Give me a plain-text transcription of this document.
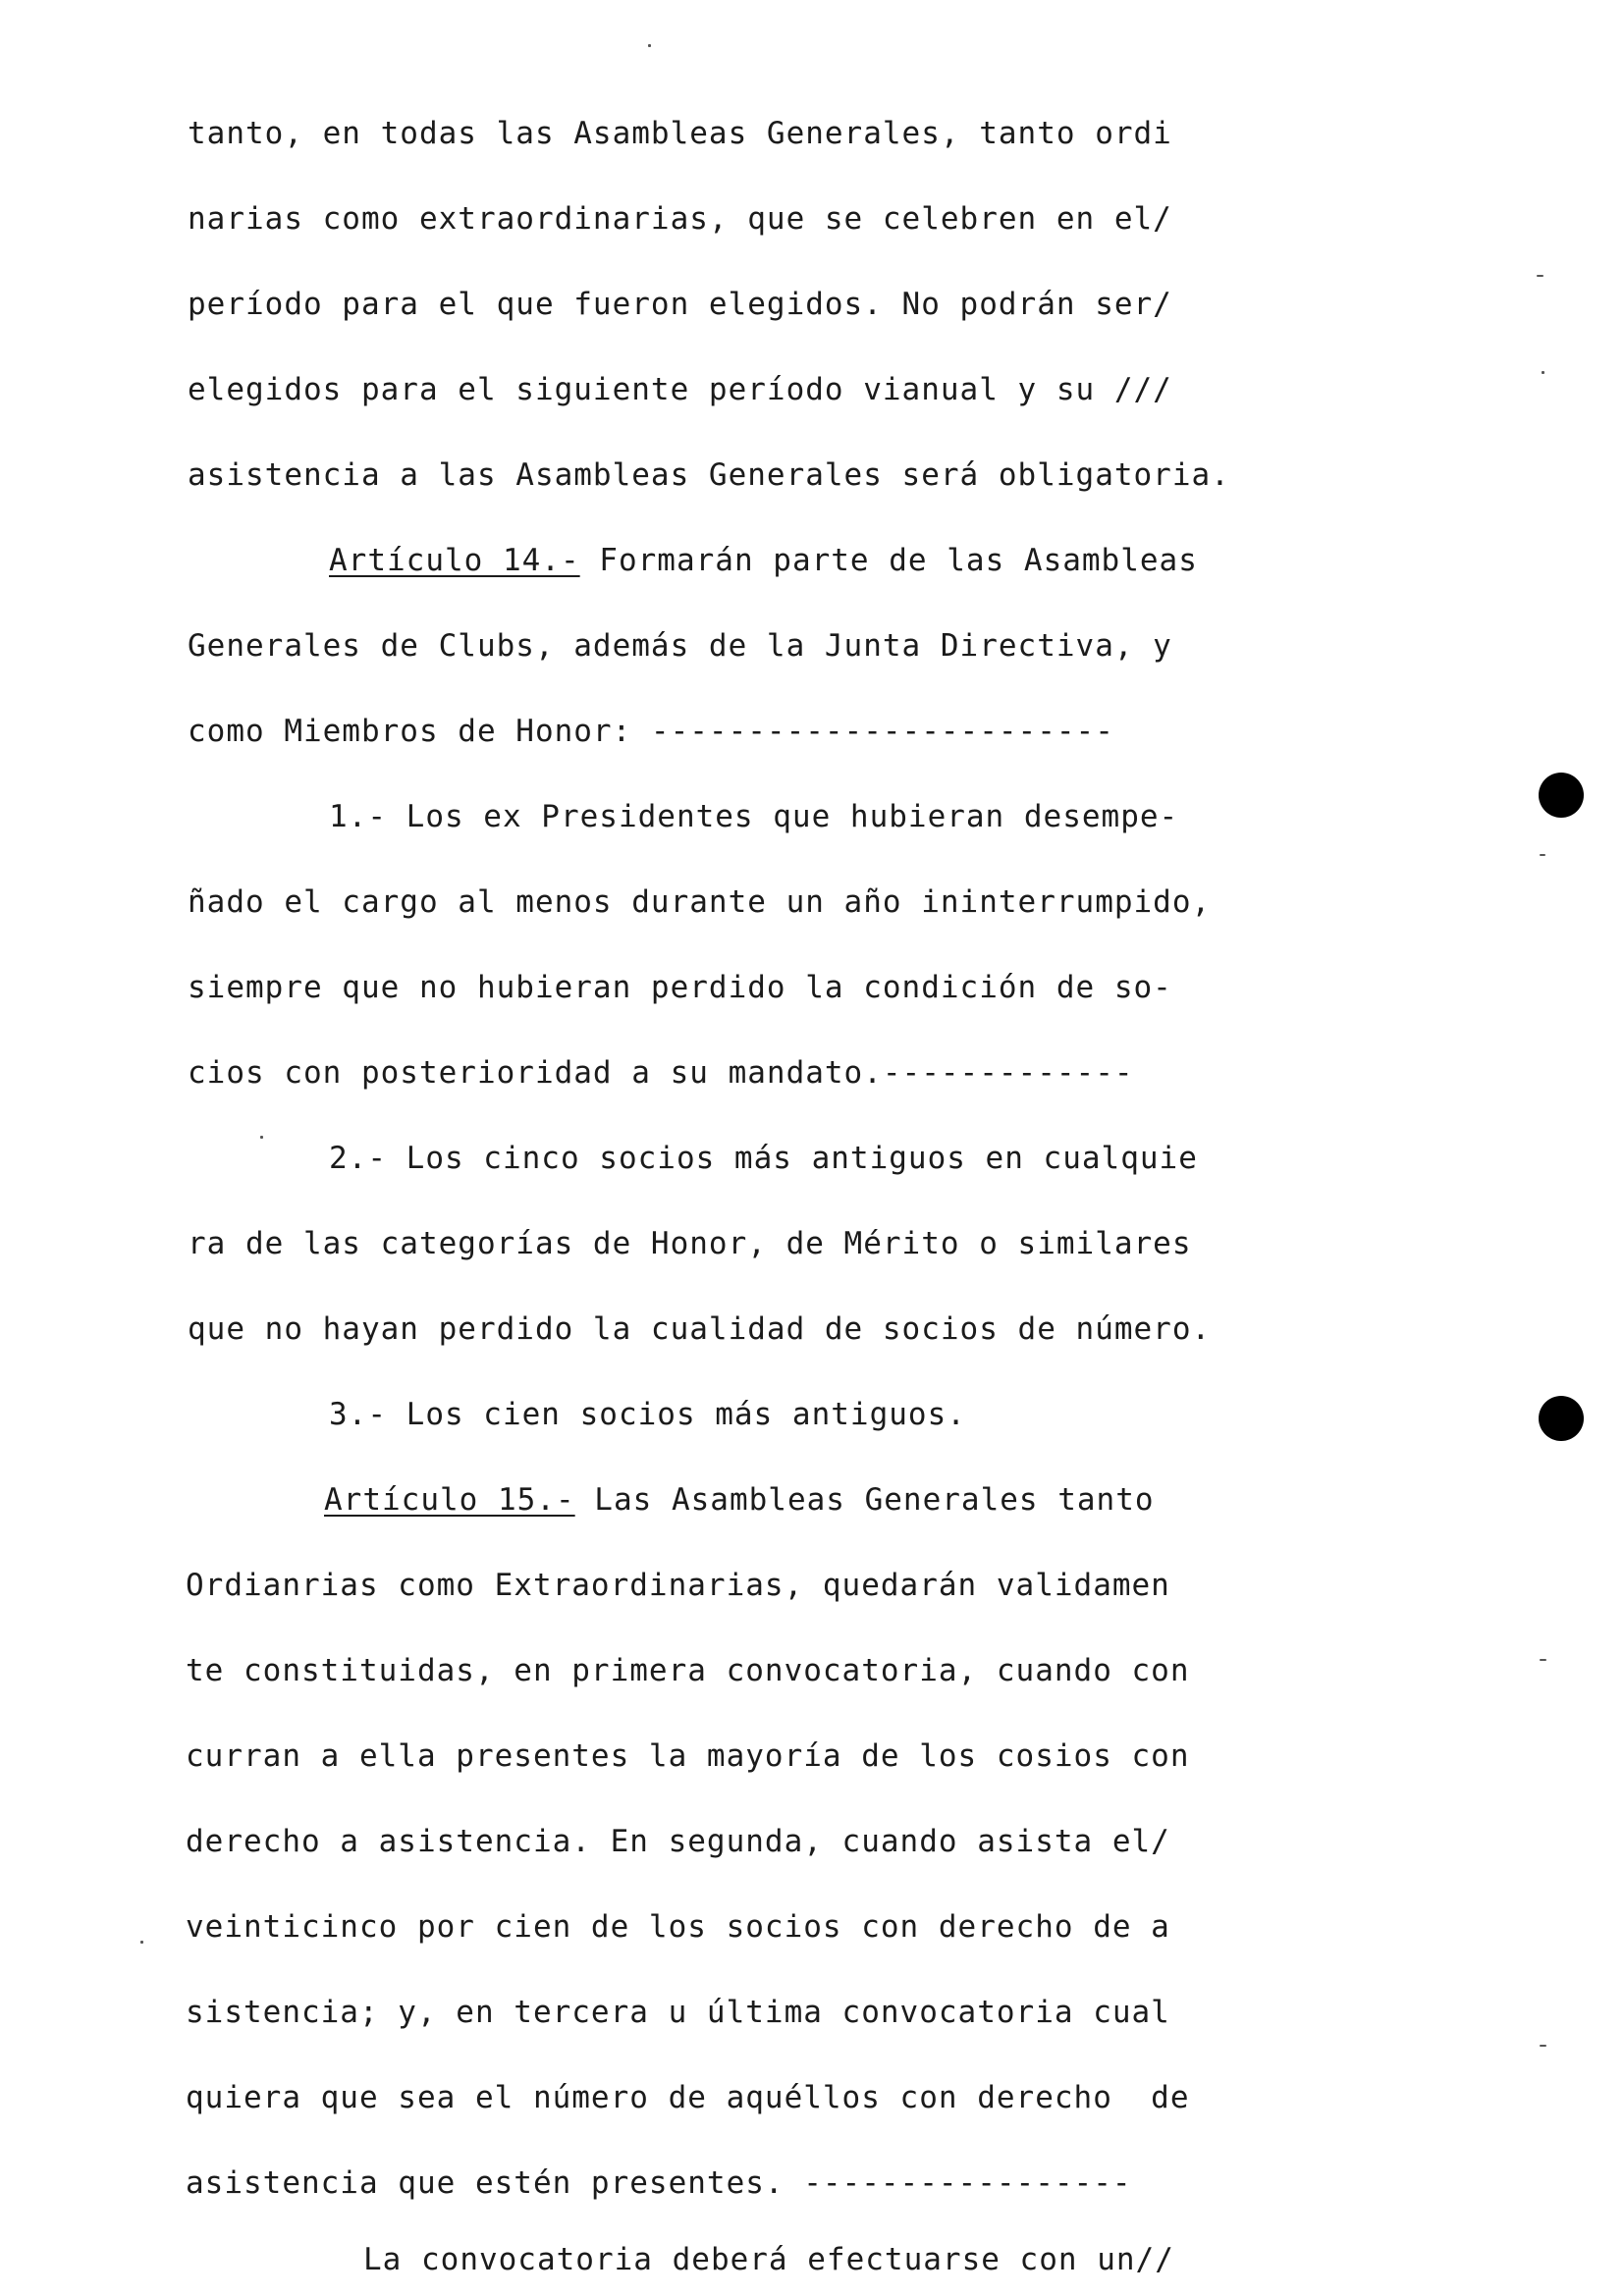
tanto, en todas las Asambleas Generales, tanto ordi
narias como extraordinarias, que se celebren en el/
período para el que fueron elegidos. No podrán ser/
elegidos para el siguiente período vianual y su ///
asistencia a las Asambleas Generales será obligatoria.
Artículo 14.- Formarán parte de las Asambleas
Generales de Clubs, además de la Junta Directiva, y
como Miembros de Honor: ------------------------
1.- Los ex Presidentes que hubieran desempe-
ñado el cargo al menos durante un año ininterrumpido,
siempre que no hubieran perdido la condición de so-
cios con posterioridad a su mandato.-------------
2.- Los cinco socios más antiguos en cualquie
ra de las categorías de Honor, de Mérito o similares
que no hayan perdido la cualidad de socios de número.
3.- Los cien socios más antiguos.
Artículo 15.- Las Asambleas Generales tanto
Ordianrias como Extraordinarias, quedarán validamen
te constituidas, en primera convocatoria, cuando con
curran a ella presentes la mayoría de los cosios con
derecho a asistencia. En segunda, cuando asista el/
veinticinco por cien de los socios con derecho de a
sistencia; y, en tercera u última convocatoria cual
quiera que sea el número de aquéllos con derecho  de
asistencia que estén presentes. -----------------
La convocatoria deberá efectuarse con un//
